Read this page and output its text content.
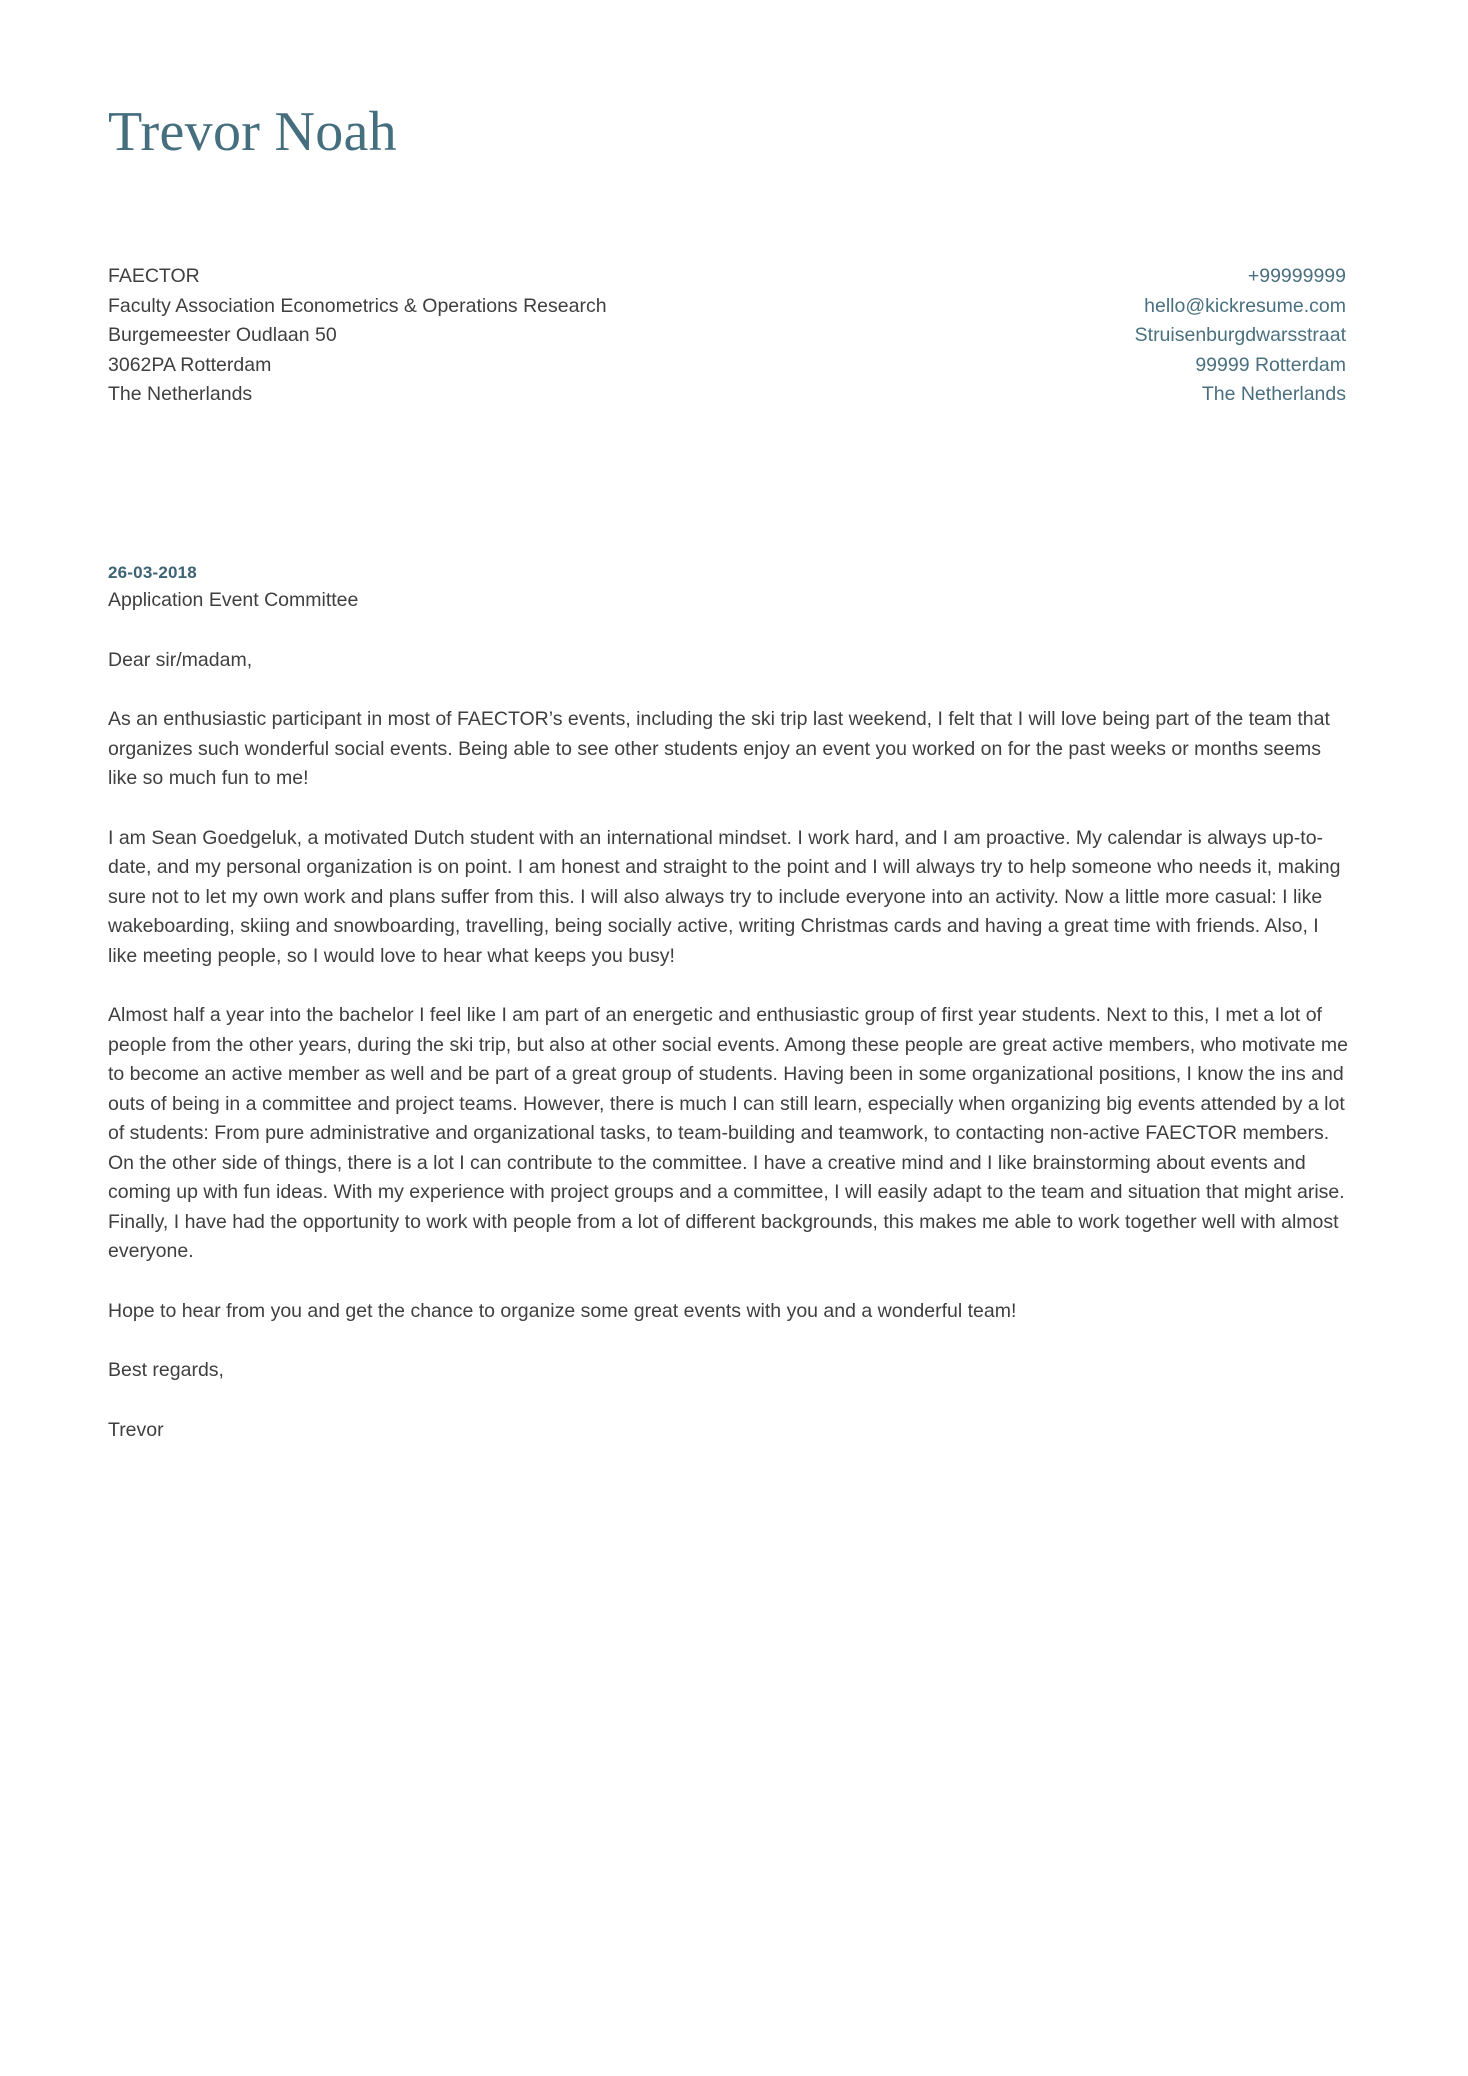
Trevor Noah
FAECTOR
Faculty Association Econometrics & Operations Research
Burgemeester Oudlaan 50
3062PA Rotterdam
The Netherlands
+99999999
hello@kickresume.com
Struisenburgdwarsstraat
99999 Rotterdam
The Netherlands
26-03-2018
Application Event Committee

Dear sir/madam,

As an enthusiastic participant in most of FAECTOR’s events, including the ski trip last weekend, I felt that I will love being part of the team that organizes such wonderful social events. Being able to see other students enjoy an event you worked on for the past weeks or months seems like so much fun to me!

I am Sean Goedgeluk, a motivated Dutch student with an international mindset. I work hard, and I am proactive. My calendar is always up-to-date, and my personal organization is on point. I am honest and straight to the point and I will always try to help someone who needs it, making sure not to let my own work and plans suffer from this. I will also always try to include everyone into an activity. Now a little more casual: I like wakeboarding, skiing and snowboarding, travelling, being socially active, writing Christmas cards and having a great time with friends. Also, I like meeting people, so I would love to hear what keeps you busy!

Almost half a year into the bachelor I feel like I am part of an energetic and enthusiastic group of first year students. Next to this, I met a lot of people from the other years, during the ski trip, but also at other social events. Among these people are great active members, who motivate me to become an active member as well and be part of a great group of students. Having been in some organizational positions, I know the ins and outs of being in a committee and project teams. However, there is much I can still learn, especially when organizing big events attended by a lot of students: From pure administrative and organizational tasks, to team-building and teamwork, to contacting non-active FAECTOR members. On the other side of things, there is a lot I can contribute to the committee. I have a creative mind and I like brainstorming about events and coming up with fun ideas. With my experience with project groups and a committee, I will easily adapt to the team and situation that might arise. Finally, I have had the opportunity to work with people from a lot of different backgrounds, this makes me able to work together well with almost everyone.

Hope to hear from you and get the chance to organize some great events with you and a wonderful team!

Best regards,

Trevor
